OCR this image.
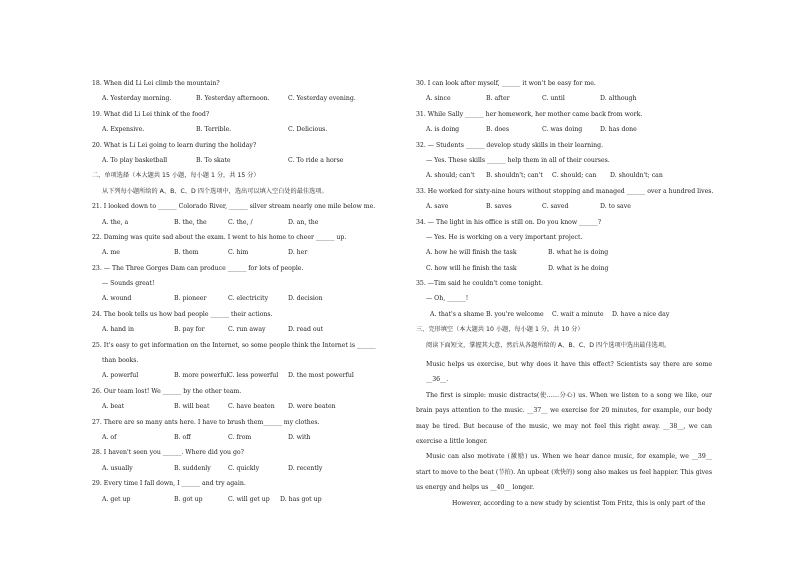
18. When did Li Lei climb the mountain?
A. Yesterday morning.	B. Yesterday afternoon.	C. Yesterday evening.
19. What did Li Lei think of the food?
A. Expensive.	B. Terrible.	C. Delicious.
20. What is Li Lei going to learn during the holiday?
A. To play basketball	B. To skate	C. To ride a horse
二、单项选择（本大题共 15 小题，每小题 1 分，共 15 分）
从下列每小题所给的 A、B、C、D 四个选项中，选出可以填入空白处的最佳选项。
21. I looked down to ______ Colorado River, ______ silver stream nearly one mile below me.
A. the, a	B. the, the	C. the, /	D. an, the
22. Daming was quite sad about the exam. I went to his home to cheer ______ up.
A. me	B. them	C. him	D. her
23. — The Three Gorges Dam can produce ______ for lots of people.
— Sounds great!
A. wound	B. pioneer	C. electricity	D. decision
24. The book tells us how bad people ______ their actions.
A. hand in	B. pay for	C. run away	D. read out
25. It's easy to get information on the Internet, so some people think the Internet is ______
than books.
A. powerful	B. more powerful C. less powerful D. the most powerful
26. Our team lost! We ______ by the other team.
A. beat	B. will beat	C. have beaten D. were beaten
27. There are so many ants here. I have to brush them______ my clothes.
A. of	B. off	C. from	D. with
28. I haven't seen you ______. Where did you go?
A. usually	B. suddenly	C. quickly	D. recently
29. Every time I fall down, I ______ and try again.
A. get up	B. got up	C. will get up D. has got up
30. I can look after myself, ______ it won't be easy for me.
A. since	B. after	C. until	D. although
31. While Sally ______ her homework, her mother came back from work.
A. is doing	B. does	C. was doing	D. has done
32. — Students ______ develop study skills in their learning.
— Yes. These skills ______ help them in all of their courses.
A. should; can't B. shouldn't; can't C. should; can D. shouldn't; can
33. He worked for sixty-nine hours without stopping and managed ______ over a hundred lives.
A. save	B. saves	C. saved	D. to save
34. — The light in his office is still on. Do you know ______?
— Yes. He is working on a very important project.
A. how he will finish the task	B. what he is doing
C. how will he finish the task	D. what is he doing
35. —Tim said he couldn't come tonight.
— Oh, ______!
A. that's a shame B. you're welcome C. wait a minute D. have a nice day
三、完形填空（本大题共 10 小题，每小题 1 分，共 10 分）
阅读下面短文，掌握其大意，然后从各题所给的 A、B、C、D 四个选项中选出最佳选项。
Music helps us exercise, but why does it have this effect? Scientists say there are some __36__.
The first is simple: music distracts(使……分心) us. When we listen to a song we like, our brain pays attention to the music. __37__ we exercise for 20 minutes, for example, our body may be tired. But because of the music, we may not feel this right away. __38__, we can exercise a little longer.
Music can also motivate (激励) us. When we hear dance music, for example, we __39__ start to move to the beat (节拍). An upbeat (欢快的) song also makes us feel happier. This gives us energy and helps us __40__ longer.
However, according to a new study by scientist Tom Fritz, this is only part of the
